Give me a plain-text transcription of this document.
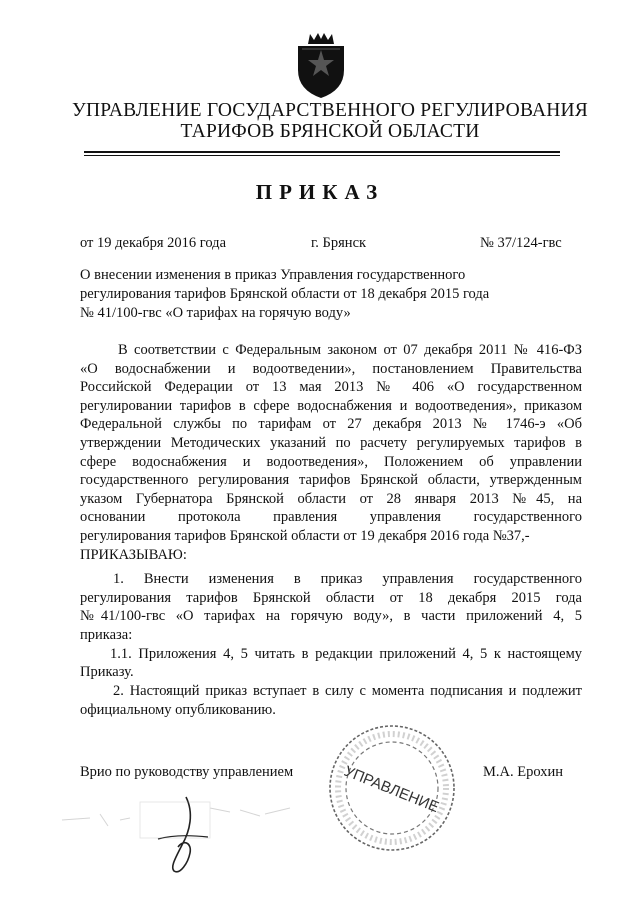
УПРАВЛЕНИЕ ГОСУДАРСТВЕННОГО РЕГУЛИРОВАНИЯ
ТАРИФОВ БРЯНСКОЙ ОБЛАСТИ
ПРИКАЗ
от 19 декабря 2016 года	г. Брянск	№ 37/124-гвс
О внесении изменения в приказ Управления государственного
регулирования тарифов Брянской области от 18 декабря 2015 года
№ 41/100-гвс «О тарифах на горячую воду»
В соответствии с Федеральным законом от 07 декабря 2011 № 416-ФЗ
«О водоснабжении и водоотведении», постановлением Правительства
Российской Федерации от 13 мая 2013 № 406 «О государственном
регулировании тарифов в сфере водоснабжения и водоотведения», приказом
Федеральной службы по тарифам от 27 декабря 2013 № 1746-э «Об
утверждении Методических указаний по расчету регулируемых тарифов в
сфере водоснабжения и водоотведения», Положением об управлении
государственного регулирования тарифов Брянской области, утвержденным
указом Губернатора Брянской области от 28 января 2013 №45, на
основании протокола правления управления государственного
регулирования тарифов Брянской области от 19 декабря 2016 года №37,-
ПРИКАЗЫВАЮ:
1. Внести изменения в приказ управления государственного
регулирования тарифов Брянской области от 18 декабря 2015 года
№41/100-гвс «О тарифах на горячую воду», в части приложений 4, 5
приказа:
1.1. Приложения 4, 5 читать в редакции приложений 4, 5 к настоящему
Приказу.
2. Настоящий приказ вступает в силу с момента подписания и подлежит
официальному опубликованию.
Врио по руководству управлением	М.А. Ерохин
УПРАВЛЕНИЕ
